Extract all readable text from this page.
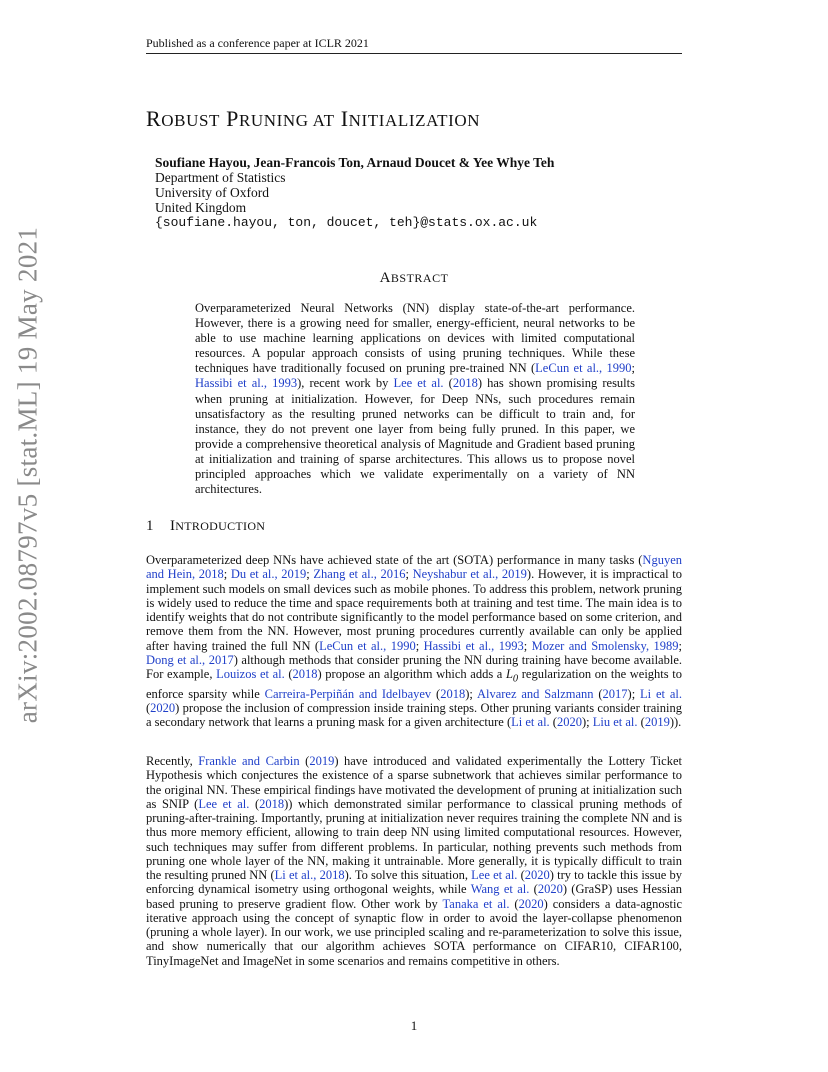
Published as a conference paper at ICLR 2021
arXiv:2002.08797v5 [stat.ML] 19 May 2021
ROBUST PRUNING AT INITIALIZATION
Soufiane Hayou, Jean-Francois Ton, Arnaud Doucet & Yee Whye Teh
Department of Statistics
University of Oxford
United Kingdom
{soufiane.hayou, ton, doucet, teh}@stats.ox.ac.uk
ABSTRACT
Overparameterized Neural Networks (NN) display state-of-the-art performance. However, there is a growing need for smaller, energy-efficient, neural networks to be able to use machine learning applications on devices with limited computational resources. A popular approach consists of using pruning techniques. While these techniques have traditionally focused on pruning pre-trained NN (LeCun et al., 1990; Hassibi et al., 1993), recent work by Lee et al. (2018) has shown promising results when pruning at initialization. However, for Deep NNs, such procedures remain unsatisfactory as the resulting pruned networks can be difficult to train and, for instance, they do not prevent one layer from being fully pruned. In this paper, we provide a comprehensive theoretical analysis of Magnitude and Gradient based pruning at initialization and training of sparse architectures. This allows us to propose novel principled approaches which we validate experimentally on a variety of NN architectures.
1 INTRODUCTION
Overparameterized deep NNs have achieved state of the art (SOTA) performance in many tasks (Nguyen and Hein, 2018; Du et al., 2019; Zhang et al., 2016; Neyshabur et al., 2019). However, it is impractical to implement such models on small devices such as mobile phones. To address this problem, network pruning is widely used to reduce the time and space requirements both at training and test time. The main idea is to identify weights that do not contribute significantly to the model performance based on some criterion, and remove them from the NN. However, most pruning procedures currently available can only be applied after having trained the full NN (LeCun et al., 1990; Hassibi et al., 1993; Mozer and Smolensky, 1989; Dong et al., 2017) although methods that consider pruning the NN during training have become available. For example, Louizos et al. (2018) propose an algorithm which adds a $L_0$ regularization on the weights to enforce sparsity while Carreira-Perpiñán and Idelbayev (2018); Alvarez and Salzmann (2017); Li et al. (2020) propose the inclusion of compression inside training steps. Other pruning variants consider training a secondary network that learns a pruning mask for a given architecture (Li et al. (2020); Liu et al. (2019)).
Recently, Frankle and Carbin (2019) have introduced and validated experimentally the Lottery Ticket Hypothesis which conjectures the existence of a sparse subnetwork that achieves similar performance to the original NN. These empirical findings have motivated the development of pruning at initialization such as SNIP (Lee et al. (2018)) which demonstrated similar performance to classical pruning methods of pruning-after-training. Importantly, pruning at initialization never requires training the complete NN and is thus more memory efficient, allowing to train deep NN using limited computational resources. However, such techniques may suffer from different problems. In particular, nothing prevents such methods from pruning one whole layer of the NN, making it untrainable. More generally, it is typically difficult to train the resulting pruned NN (Li et al., 2018). To solve this situation, Lee et al. (2020) try to tackle this issue by enforcing dynamical isometry using orthogonal weights, while Wang et al. (2020) (GraSP) uses Hessian based pruning to preserve gradient flow. Other work by Tanaka et al. (2020) considers a data-agnostic iterative approach using the concept of synaptic flow in order to avoid the layer-collapse phenomenon (pruning a whole layer). In our work, we use principled scaling and re-parameterization to solve this issue, and show numerically that our algorithm achieves SOTA performance on CIFAR10, CIFAR100, TinyImageNet and ImageNet in some scenarios and remains competitive in others.
1
